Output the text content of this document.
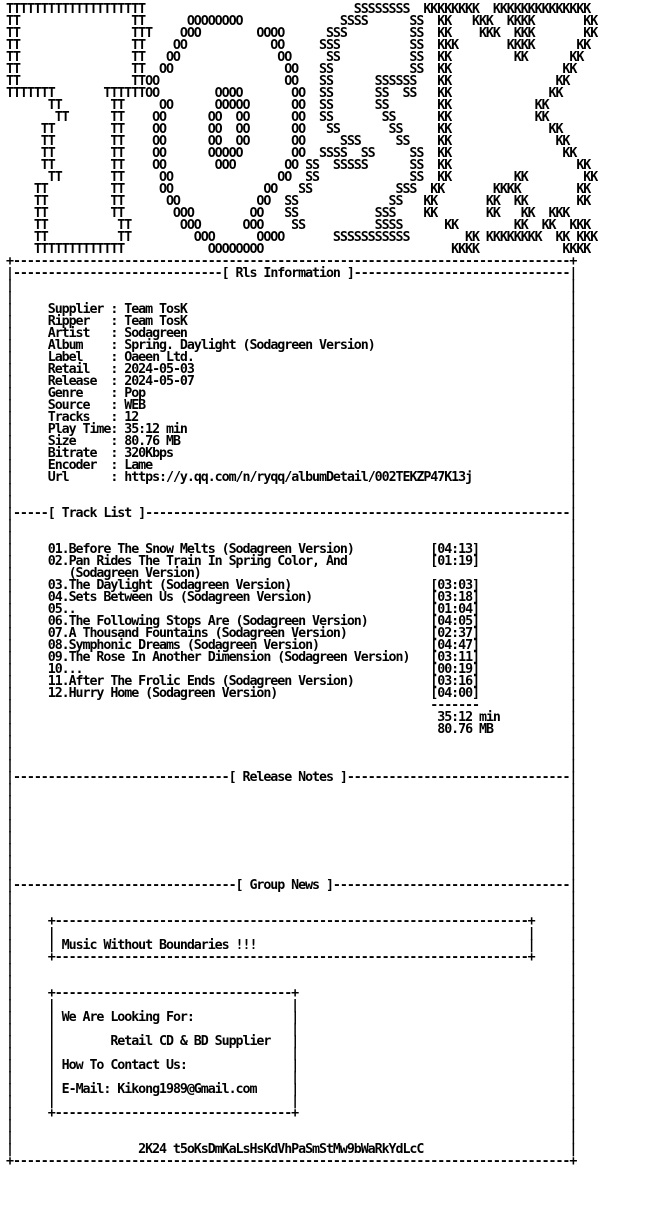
TTTTTTTTTTTTTTTTTTTT                              SSSSSSSS  KKKKKKKK  KKKKKKKKKKKKKK
TT                TT      OOOOOOOO              SSSS      SS  KK   KKK  KKKK       KK
TT                TTT    OOO        OOOO      SSS         SS  KK    KKK  KKK       KK
TT                TT    OO            OO     SSS          SS  KKK       KKKK      KK
TT                TT   OO              OO     SS          SS  KK         KK      KK
TT                TT  OO                OO   SS           SS  KK                KK
TT                TTOO                  OO   SS      SSSSSS   KK               KK
TTTTTTT       TTTTTTOO        OOOO       OO  SS      SS  SS   KK              KK
TT       TT     OO      OOOOO      OO  SS      SS       KK            KK
TT      TT    OO      OO  OO      OO  SS       SS      KK            KK
TT        TT    OO      OO  OO      OO   SS       SS     KK              KK
TT        TT    OO      OO  OO      OO     SSS     SS    KK               KK
TT        TT    OO      OOOOO       OO  SSSS  SS     SS  KK                KK
TT        TT    OO       OOO       OO SS  SSSSS      SS  KK                  KK
TT       TT     OO               OO  SS             SS  KK         KK        KK
TT         TT     OO             OO   SS            SSS  KK       KKKK        KK
TT         TT      OO           OO  SS             SS   KK       KK  KK       KK
TT         TT       OOO        OO   SS           SSS    KK       KK   KK  KKK
TT          TT       OOO      OOO    SS          SSSS      KK        KK  KK  KKK
TT          TT         OOO      OOOO       SSSSSSSSSSS        KK KKKKKKKK  KK KKK
TTTTTTTTTTTTT            OOOOOOOO                           KKKK            KKKK
+--------------------------------------------------------------------------------+
|------------------------------[ Rls Information ]-------------------------------|
|                                                                                |
|                                                                                |
|     Supplier : Team TosK                                                       |
|     Ripper   : Team TosK                                                       |
|     Artist   : Sodagreen                                                       |
|     Album    : Spring. Daylight (Sodagreen Version)                            |
|     Label    : Oaeen Ltd.                                                      |
|     Retail   : 2024-05-03                                                      |
|     Release  : 2024-05-07                                                      |
|     Genre    : Pop                                                             |
|     Source   : WEB                                                             |
|     Tracks   : 12                                                              |
|     Play Time: 35:12 min                                                       |
|     Size     : 80.76 MB                                                        |
|     Bitrate  : 320Kbps                                                         |
|     Encoder  : Lame                                                            |
|     Url      : https://y.qq.com/n/ryqq/albumDetail/002TEKZP47K13j              |
|                                                                                |
|                                                                                |
|-----[ Track List ]-------------------------------------------------------------|
|                                                                                |
|                                                                                |
|     01.Before The Snow Melts (Sodagreen Version)	[04:13]             |
|     02.Pan Rides The Train In Spring Color, And	[01:19]             |
|        (Sodagreen Version)                                                     |
|     03.The Daylight (Sodagreen Version)	[03:03]             |
|     04.Sets Between Us (Sodagreen Version)	[03:18]             |
|     05..	[01:04]             |
|     06.The Following Stops Are (Sodagreen Version)	[04:05]             |
|     07.A Thousand Fountains (Sodagreen Version)	[02:37]             |
|     08.Symphonic Dreams (Sodagreen Version)	[04:47]             |
|     09.The Rose In Another Dimension (Sodagreen Version) [03:11]             |
|     10...	[00:19]             |
|     11.After The Frolic Ends (Sodagreen Version)	[03:16]             |
|     12.Hurry Home (Sodagreen Version)	[04:00]             |
|                                                            -------             |
|                                                             35:12 min          |
|                                                             80.76 MB           |
|                                                                                |
|                                                                                |
|                                                                                |
|-------------------------------[ Release Notes ]--------------------------------|
|                                                                                |
|                                                                                |
|                                                                                |
|                                                                                |
|                                                                                |
|                                                                                |
|                                                                                |
|                                                                                |
|--------------------------------[ Group News ]----------------------------------|
|                                                                                |
|                                                                                |
|     +--------------------------------------------------------------------+     |
|     |                                                                    |     |
|     | Music Without Boundaries !!!                                       |     |
|     +--------------------------------------------------------------------+     |
|                                                                                |
|                                                                                |
|     +----------------------------------+                                       |
|     |                                  |                                       |
|     | We Are Looking For:              |                                       |
|     |                                  |                                       |
|     |        Retail CD & BD Supplier   |                                       |
|     |                                  |                                       |
|     | How To Contact Us:               |                                       |
|     |                                  |                                       |
|     | E-Mail: Kikong1989@Gmail.com     |                                       |
|     |                                  |                                       |
|     +----------------------------------+                                       |
|                                                                                |
|                                                                                |
|                  2K24 t5oKsDmKaLsHsKdVhPaSmStMw9bWaRkYdLcC                     |
+--------------------------------------------------------------------------------+
